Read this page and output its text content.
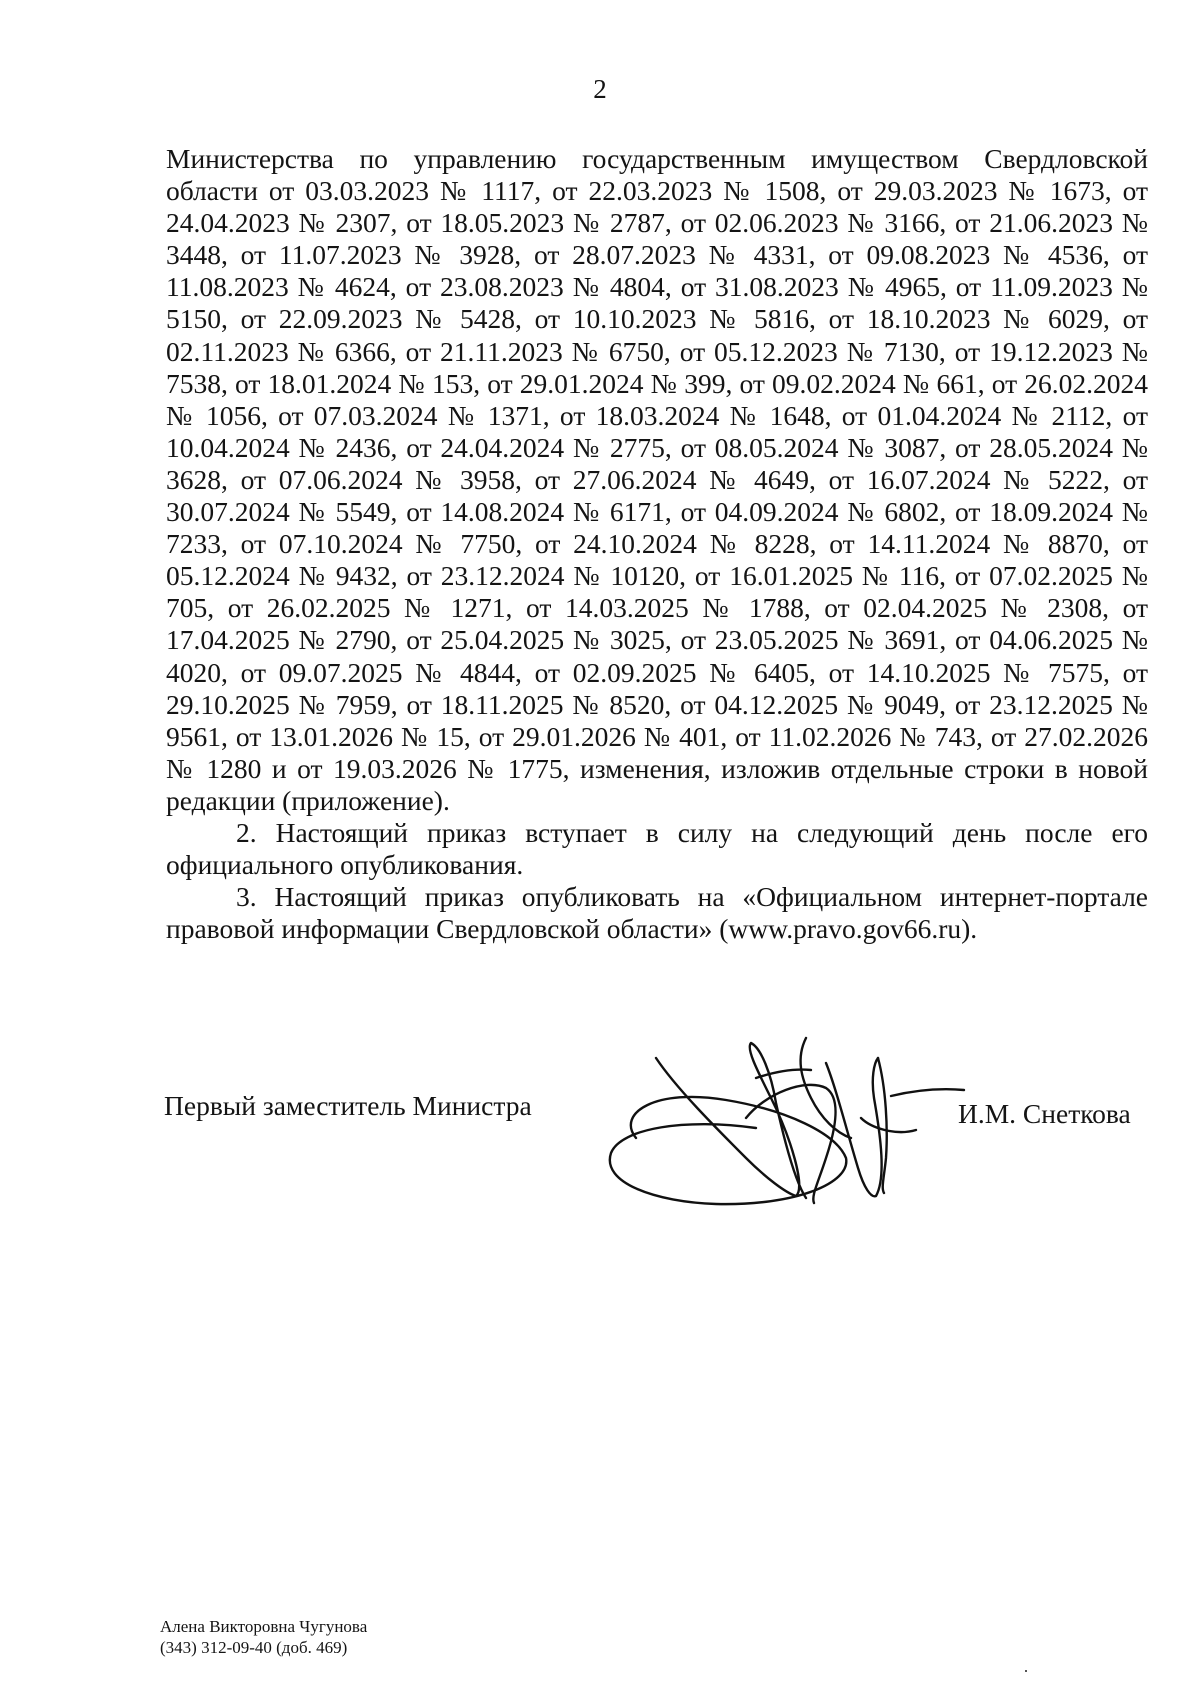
2

Министерства по управлению государственным имуществом Свердловской области от 03.03.2023 № 1117, от 22.03.2023 № 1508, от 29.03.2023 № 1673, от 24.04.2023 № 2307, от 18.05.2023 № 2787, от 02.06.2023 № 3166, от 21.06.2023 № 3448, от 11.07.2023 № 3928, от 28.07.2023 № 4331, от 09.08.2023 № 4536, от 11.08.2023 № 4624, от 23.08.2023 № 4804, от 31.08.2023 № 4965, от 11.09.2023 № 5150, от 22.09.2023 № 5428, от 10.10.2023 № 5816, от 18.10.2023 № 6029, от 02.11.2023 № 6366, от 21.11.2023 № 6750, от 05.12.2023 № 7130, от 19.12.2023 № 7538, от 18.01.2024 № 153, от 29.01.2024 № 399, от 09.02.2024 № 661, от 26.02.2024 № 1056, от 07.03.2024 № 1371, от 18.03.2024 № 1648, от 01.04.2024 № 2112, от 10.04.2024 № 2436, от 24.04.2024 № 2775, от 08.05.2024 № 3087, от 28.05.2024 № 3628, от 07.06.2024 № 3958, от 27.06.2024 № 4649, от 16.07.2024 № 5222, от 30.07.2024 № 5549, от 14.08.2024 № 6171, от 04.09.2024 № 6802, от 18.09.2024 № 7233, от 07.10.2024 № 7750, от 24.10.2024 № 8228, от 14.11.2024 № 8870, от 05.12.2024 № 9432, от 23.12.2024 № 10120, от 16.01.2025 № 116, от 07.02.2025 № 705, от 26.02.2025 № 1271, от 14.03.2025 № 1788, от 02.04.2025 № 2308, от 17.04.2025 № 2790, от 25.04.2025 № 3025, от 23.05.2025 № 3691, от 04.06.2025 № 4020, от 09.07.2025 № 4844, от 02.09.2025 № 6405, от 14.10.2025 № 7575, от 29.10.2025 № 7959, от 18.11.2025 № 8520, от 04.12.2025 № 9049, от 23.12.2025 № 9561, от 13.01.2026 № 15, от 29.01.2026 № 401, от 11.02.2026 № 743, от 27.02.2026 № 1280 и от 19.03.2026 № 1775, изменения, изложив отдельные строки в новой редакции (приложение).

2. Настоящий приказ вступает в силу на следующий день после его официального опубликования.

3. Настоящий приказ опубликовать на «Официальном интернет-портале правовой информации Свердловской области» (www.pravo.gov66.ru).

Первый заместитель Министра	И.М. Снеткова
Алена Викторовна Чугунова
(343) 312-09-40 (доб. 469)
